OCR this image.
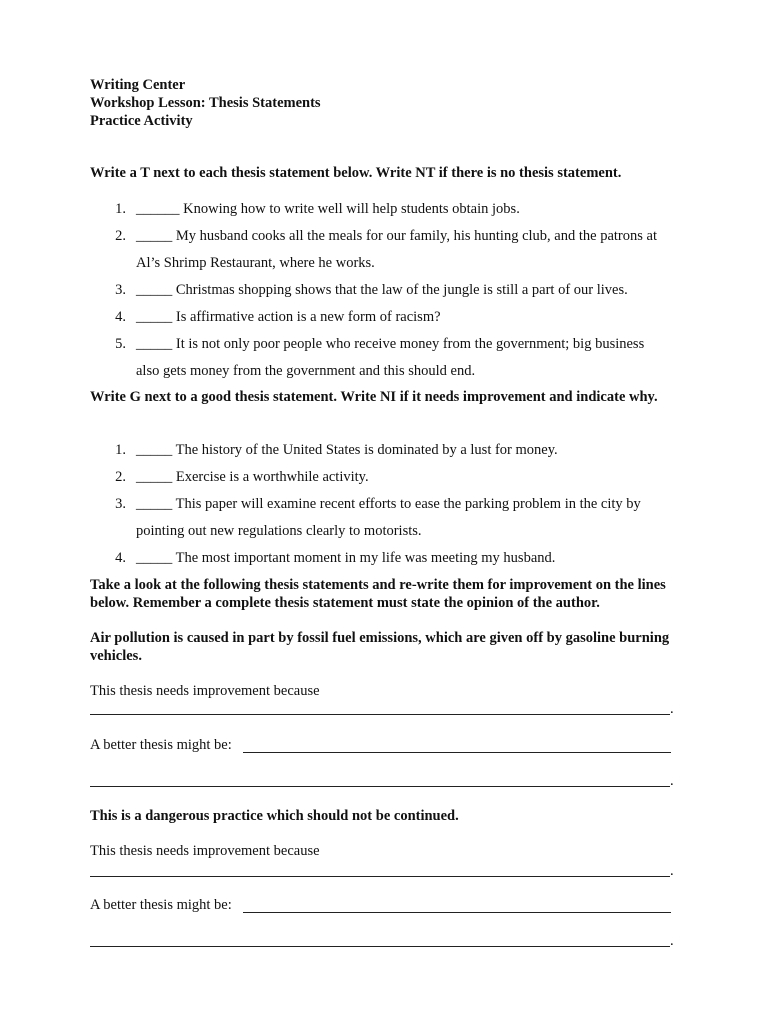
Writing Center
Workshop Lesson: Thesis Statements
Practice Activity
Write a T next to each thesis statement below. Write NT if there is no thesis statement.
1. ______ Knowing how to write well will help students obtain jobs.
2. _____ My husband cooks all the meals for our family, his hunting club, and the patrons at
Al’s Shrimp Restaurant, where he works.
3. _____ Christmas shopping shows that the law of the jungle is still a part of our lives.
4. _____ Is affirmative action is a new form of racism?
5. _____ It is not only poor people who receive money from the government; big business
also gets money from the government and this should end.
Write G next to a good thesis statement. Write NI if it needs improvement and indicate why.
1. _____ The history of the United States is dominated by a lust for money.
2. _____ Exercise is a worthwhile activity.
3. _____ This paper will examine recent efforts to ease the parking problem in the city by
pointing out new regulations clearly to motorists.
4. _____ The most important moment in my life was meeting my husband.
Take a look at the following thesis statements and re-write them for improvement on the lines below. Remember a complete thesis statement must state the opinion of the author.
Air pollution is caused in part by fossil fuel emissions, which are given off by gasoline burning vehicles.
This thesis needs improvement because
.
A better thesis might be:
.
This is a dangerous practice which should not be continued.
This thesis needs improvement because
.
A better thesis might be:
.
